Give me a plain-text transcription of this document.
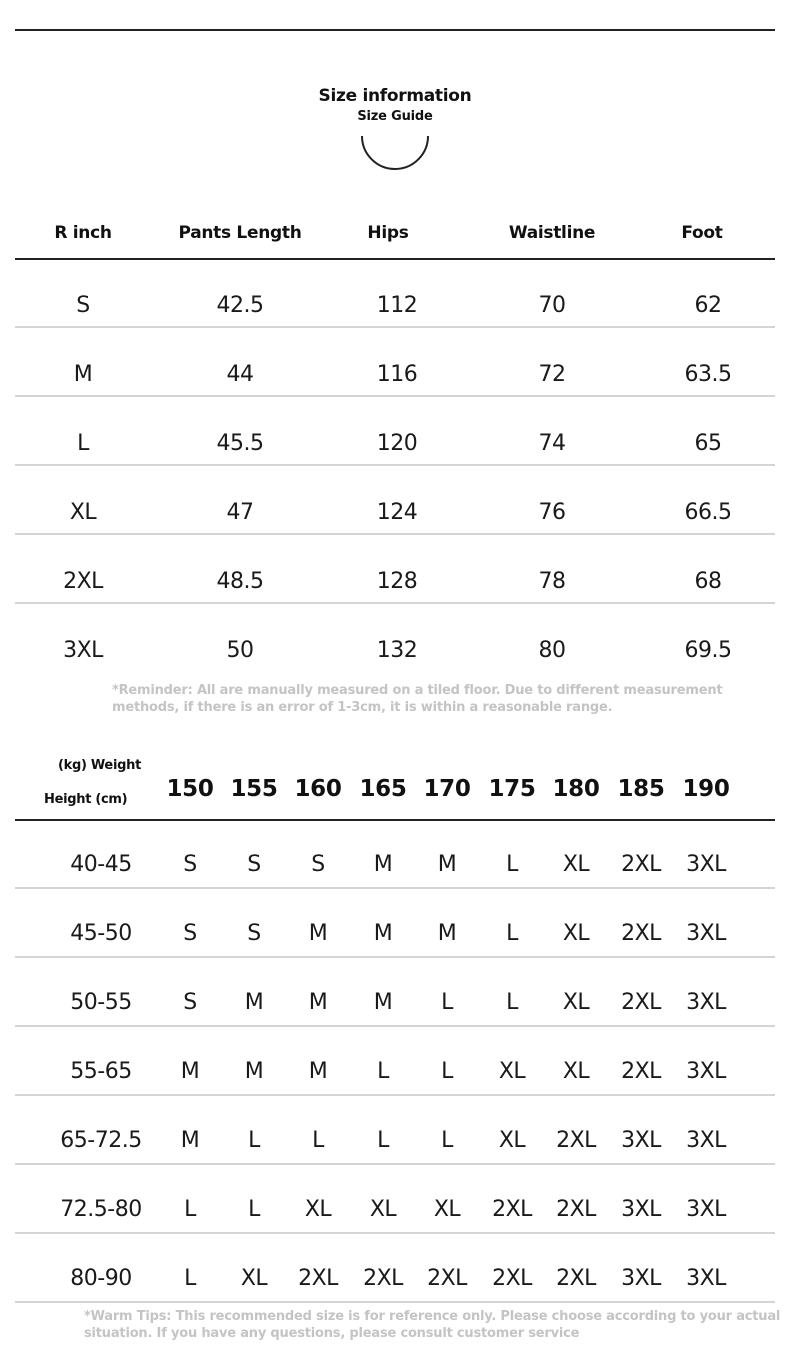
Size information
Size Guide
R inch	Pants Length	Hips	Waistline	Foot
S	42.5	112	70	62
M	44	116	72	63.5
L	45.5	120	74	65
XL	47	124	76	66.5
2XL	48.5	128	78	68
3XL	50	132	80	69.5
*Reminder: All are manually measured on a tiled floor. Due to different measurement
methods, if there is an error of 1-3cm, it is within a reasonable range.
(kg) Weight
Height (cm) 150 155 160 165 170 175 180 185 190
40-45 S S S M M L XL 2XL 3XL
45-50 S S M M M L XL 2XL 3XL
50-55 S M M M L L XL 2XL 3XL
55-65 M M M L L XL XL 2XL 3XL
65-72.5 M L L L L XL 2XL 3XL 3XL
72.5-80 L L XL XL XL 2XL 2XL 3XL 3XL
80-90 L XL 2XL 2XL 2XL 2XL 2XL 3XL 3XL
*Warm Tips: This recommended size is for reference only. Please choose according to your actual
situation. If you have any questions, please consult customer service
